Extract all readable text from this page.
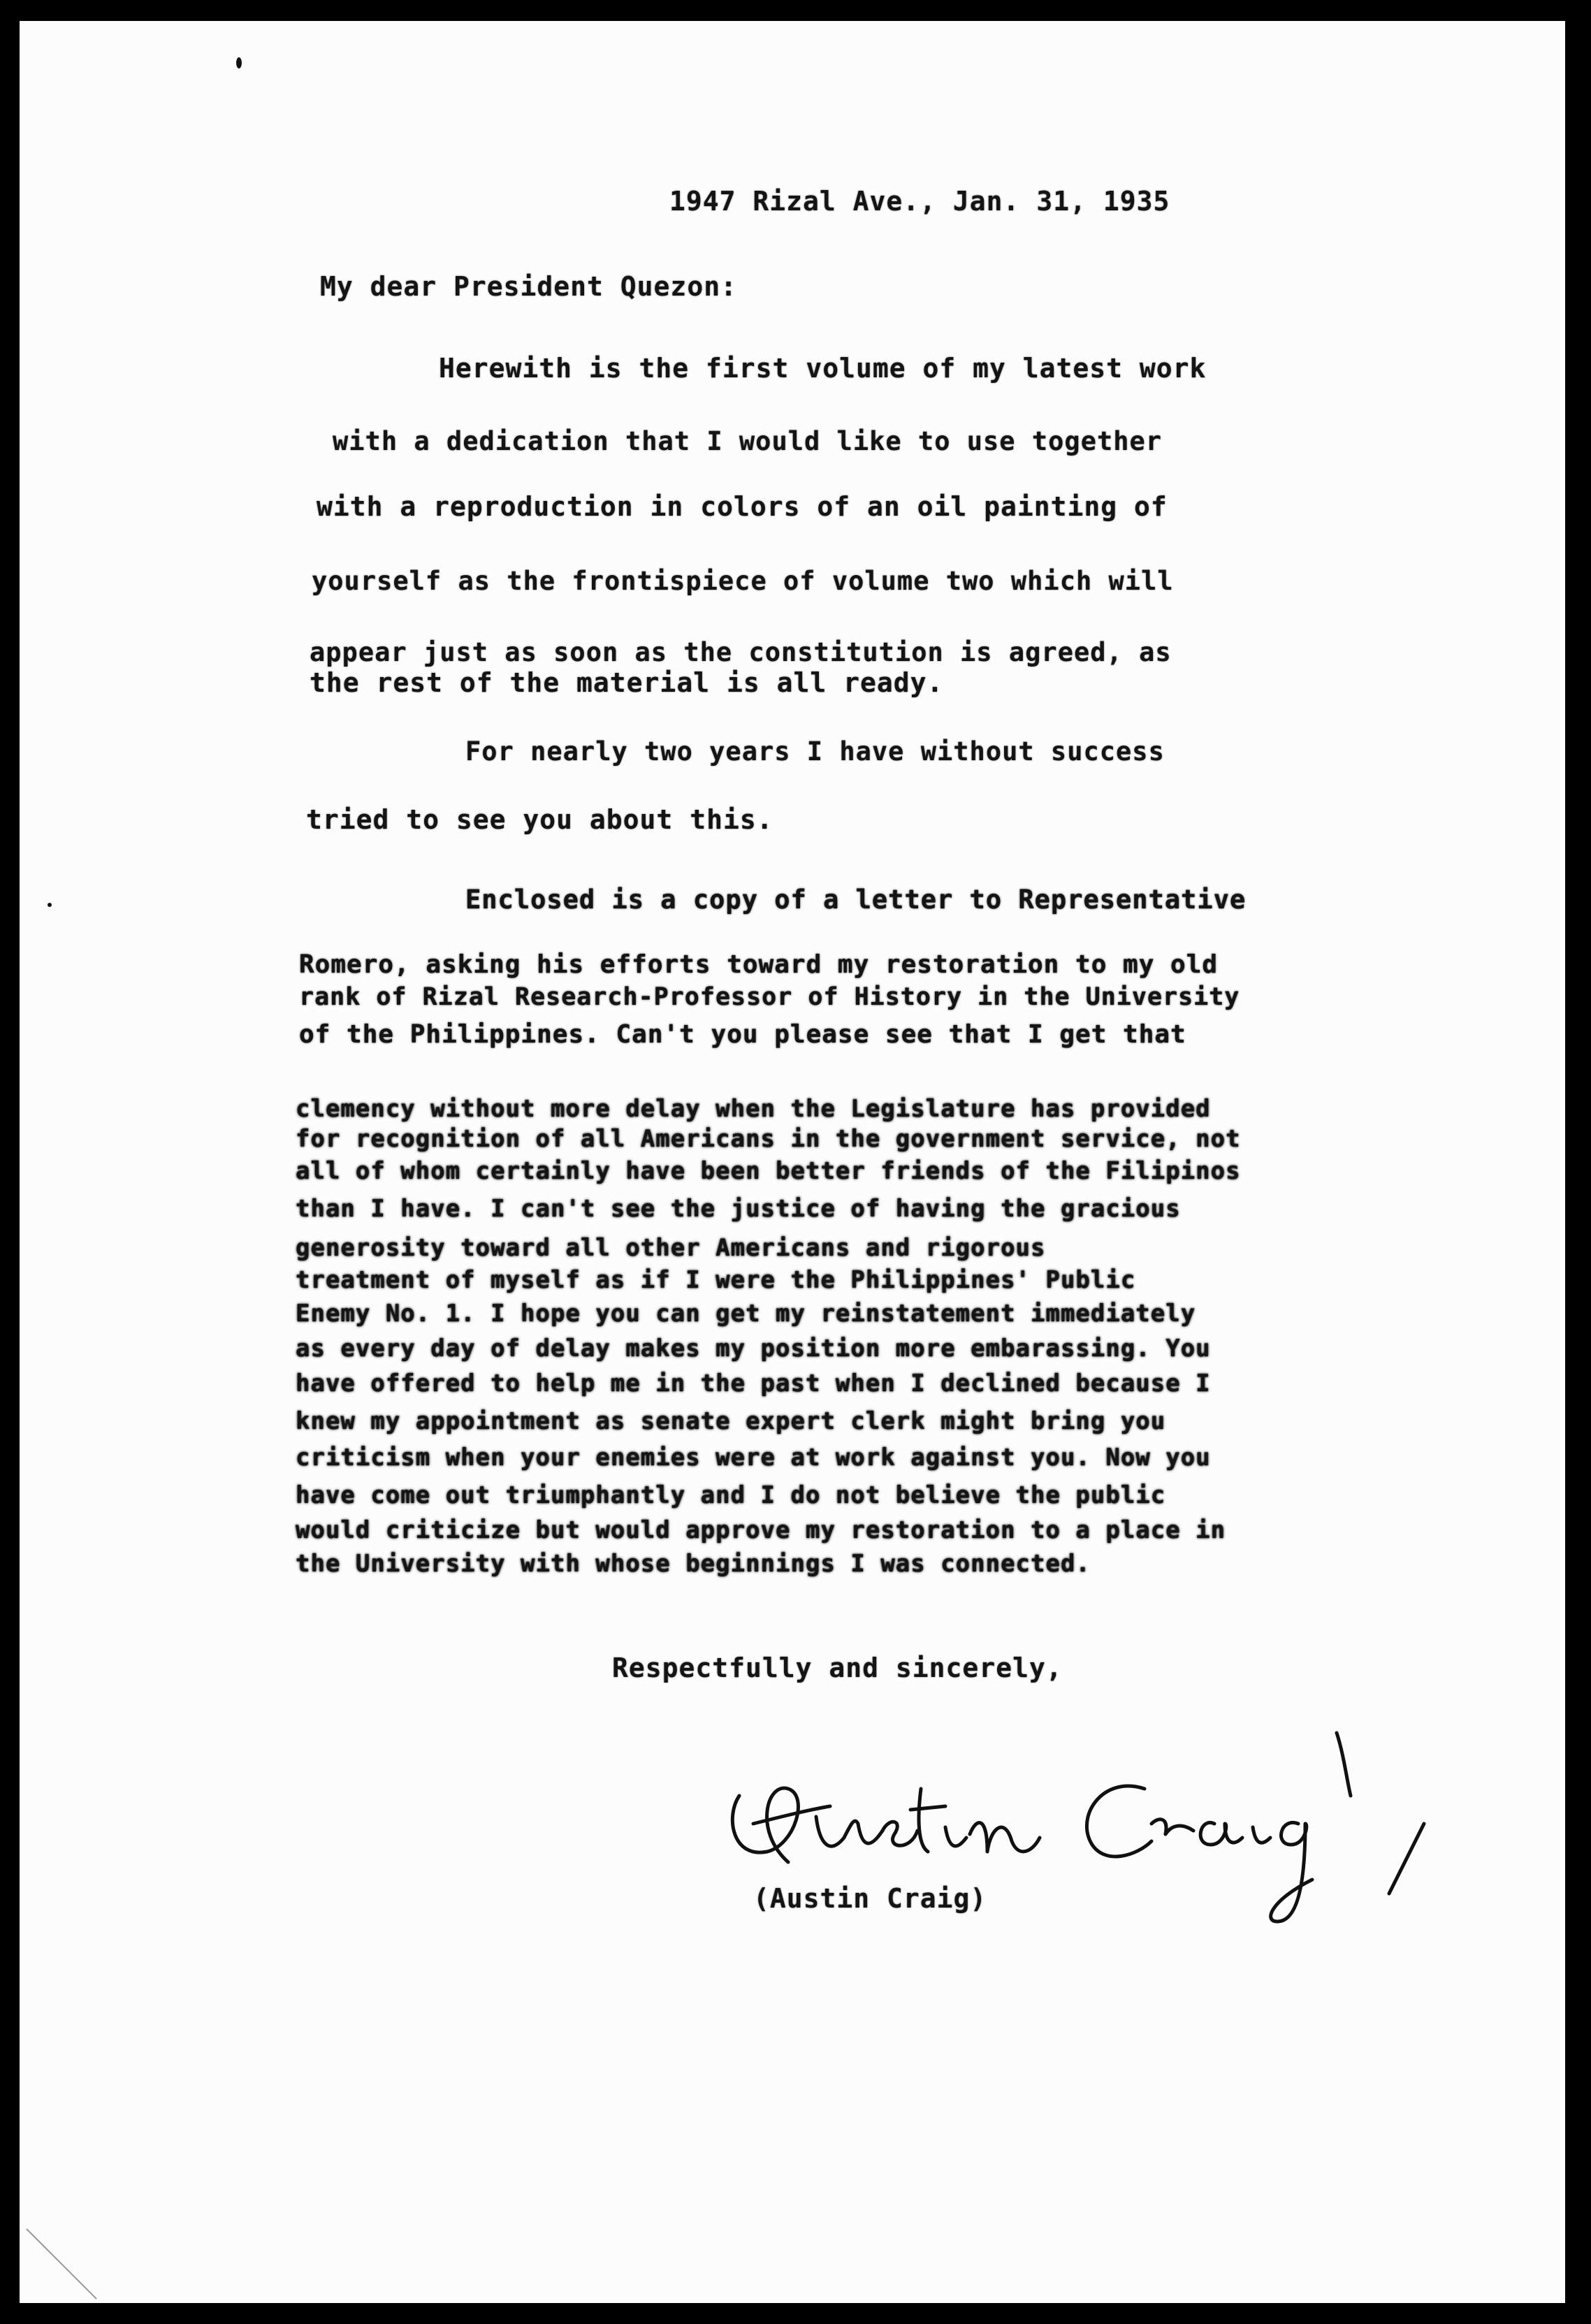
1947 Rizal Ave., Jan. 31, 1935
My dear President Quezon:
Herewith is the first volume of my latest work
with a dedication that I would like to use together
with a reproduction in colors of an oil painting of
yourself as the frontispiece of volume two which will
appear just as soon as the constitution is agreed, as
the rest of the material is all ready.
For nearly two years I have without success
tried to see you about this.
Enclosed is a copy of a letter to Representative
Romero, asking his efforts toward my restoration to my old
rank of Rizal Research-Professor of History in the University
of the Philippines. Can't you please see that I get that
clemency without more delay when the Legislature has provided
for recognition of all Americans in the government service, not
all of whom certainly have been better friends of the Filipinos
than I have. I can't see the justice of having the gracious
generosity toward all other Americans and rigorous
treatment of myself as if I were the Philippines' Public
Enemy No. 1. I hope you can get my reinstatement immediately
as every day of delay makes my position more embarassing. You
have offered to help me in the past when I declined because I
knew my appointment as senate expert clerk might bring you
criticism when your enemies were at work against you. Now you
have come out triumphantly and I do not believe the public
would criticize but would approve my restoration to a place in
the University with whose beginnings I was connected.
Respectfully and sincerely,
(Austin Craig)
